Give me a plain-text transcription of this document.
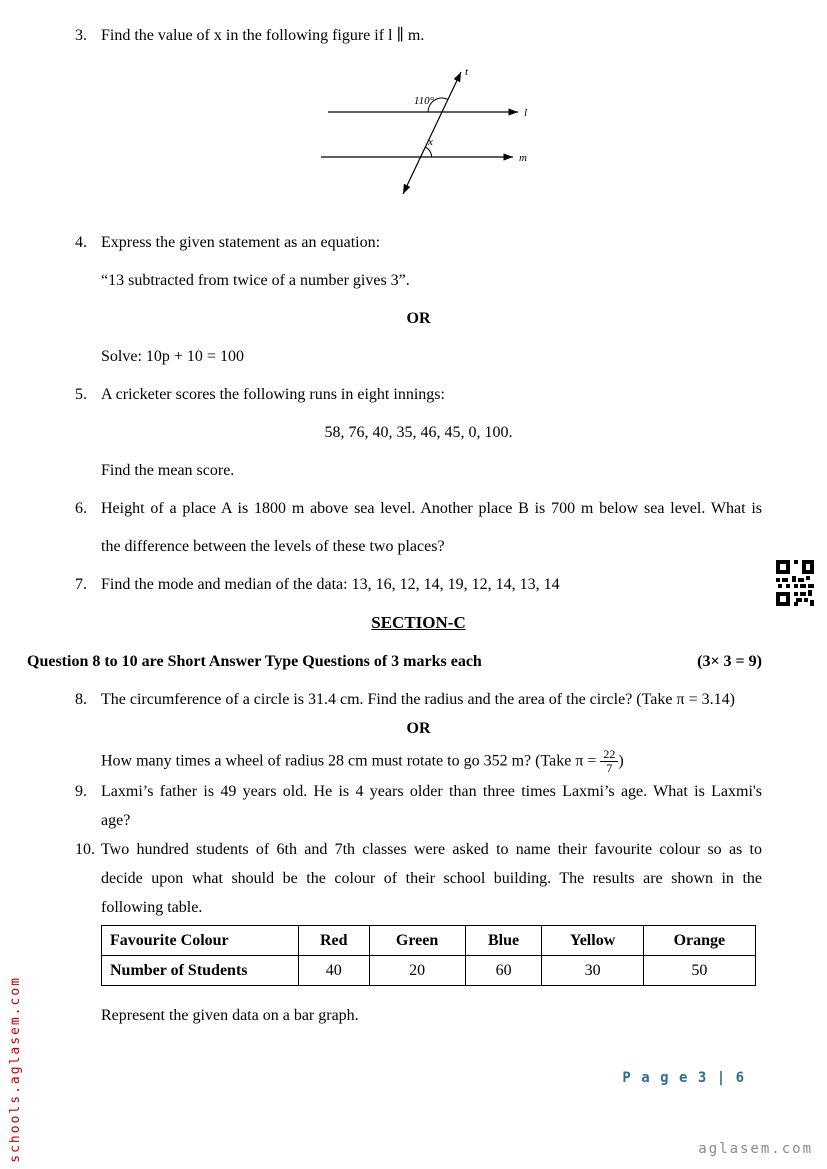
3. Find the value of x in the following figure if l ∥ m.
110°
x
t
l
m
4. Express the given statement as an equation:
“13 subtracted from twice of a number gives 3”.
OR
Solve: 10p + 10 = 100
5. A cricketer scores the following runs in eight innings:
58, 76, 40, 35, 46, 45, 0, 100.
Find the mean score.
6. Height of a place A is 1800 m above sea level. Another place B is 700 m below sea level. What is
the difference between the levels of these two places?
7. Find the mode and median of the data: 13, 16, 12, 14, 19, 12, 14, 13, 14
SECTION-C
Question 8 to 10 are Short Answer Type Questions of 3 marks each	(3× 3 = 9)
8. The circumference of a circle is 31.4 cm. Find the radius and the area of the circle? (Take π = 3.14)
OR
How many times a wheel of radius 28 cm must rotate to go 352 m? (Take $\pi = \frac{22}{7}$ )
9. Laxmi’s father is 49 years old. He is 4 years older than three times Laxmi’s age. What is Laxmi's
age?
10. Two hundred students of 6th and 7th classes were asked to name their favourite colour so as to
decide upon what should be the colour of their school building. The results are shown in the
following table.
Favourite Colour	Red	Green	Blue	Yellow	Orange
Number of Students	40	20	60	30	50
Represent the given data on a bar graph.
P a g e 3 | 6
schools.aglasem.com	aglasem.com
